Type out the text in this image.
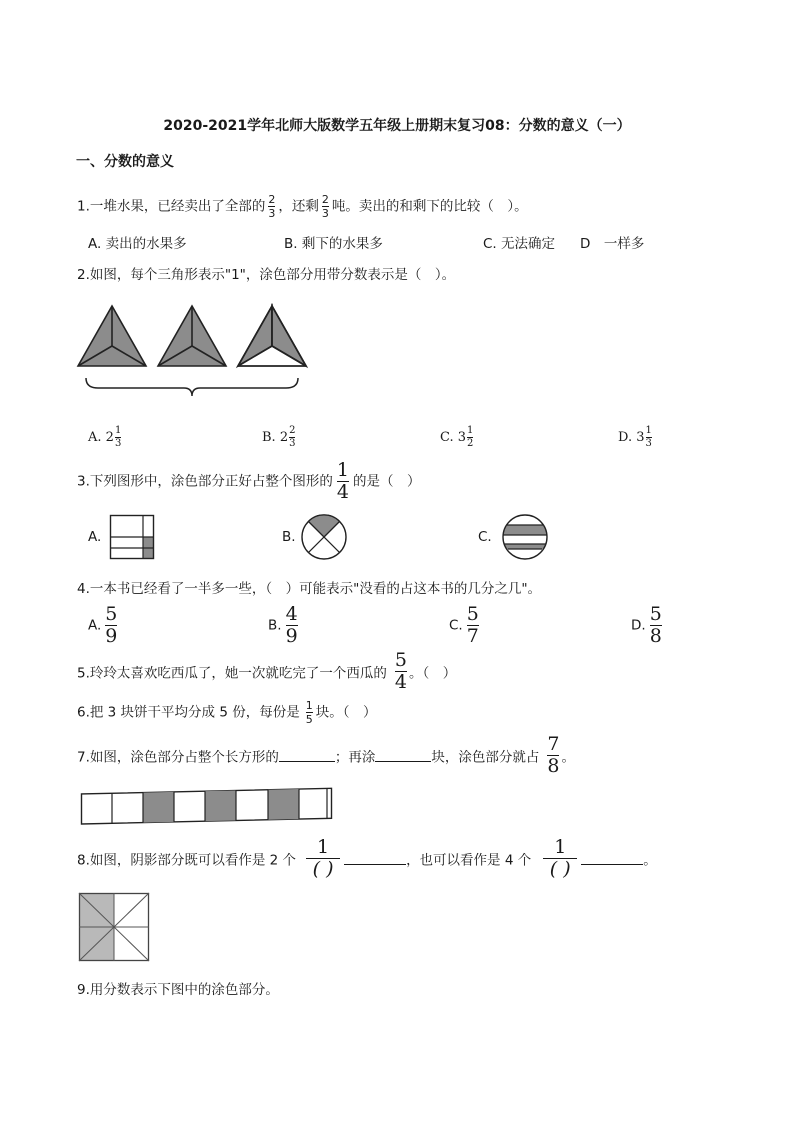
2020-2021学年北师大版数学五年级上册期末复习08：分数的意义（一）
一、分数的意义
1.一堆水果，已经卖出了全部的 $\frac{2}{3}$ ，还剩 $\frac{2}{3}$ 吨。卖出的和剩下的比较（　）。
A. 卖出的水果多	B. 剩下的水果多	C. 无法确定 D　一样多
2.如图，每个三角形表示"1"，涂色部分用带分数表示是（　）。
A. $2 \frac{1}{3}$	B. $2 \frac{2}{3}$	C. $3 \frac{1}{2}$	D. $3 \frac{1}{3}$
3.下列图形中，涂色部分正好占整个图形的 $\frac{1}{4}$ 的是（　）
A.	B.	C.
4.一本书已经看了一半多一些，（　）可能表示"没看的占这本书的几分之几"。
A. $\frac{5}{9}$	B. $\frac{4}{9}$	C. $\frac{5}{7}$	D. $\frac{5}{8}$
5.玲玲太喜欢吃西瓜了，她一次就吃完了一个西瓜的 $\frac{5}{4}$ 。（　）
6.把 3 块饼干平均分成 5 份，每份是 $\frac{1}{5}$ 块。（　）
7.如图，涂色部分占整个长方形的	；再涂	块，涂色部分就占 $\frac{7}{8}$ 。
8.如图，阴影部分既可以看作是 2 个 $\frac{1}{( )}$	，也可以看作是 4 个 $\frac{1}{( )}$	。
9.用分数表示下图中的涂色部分。
